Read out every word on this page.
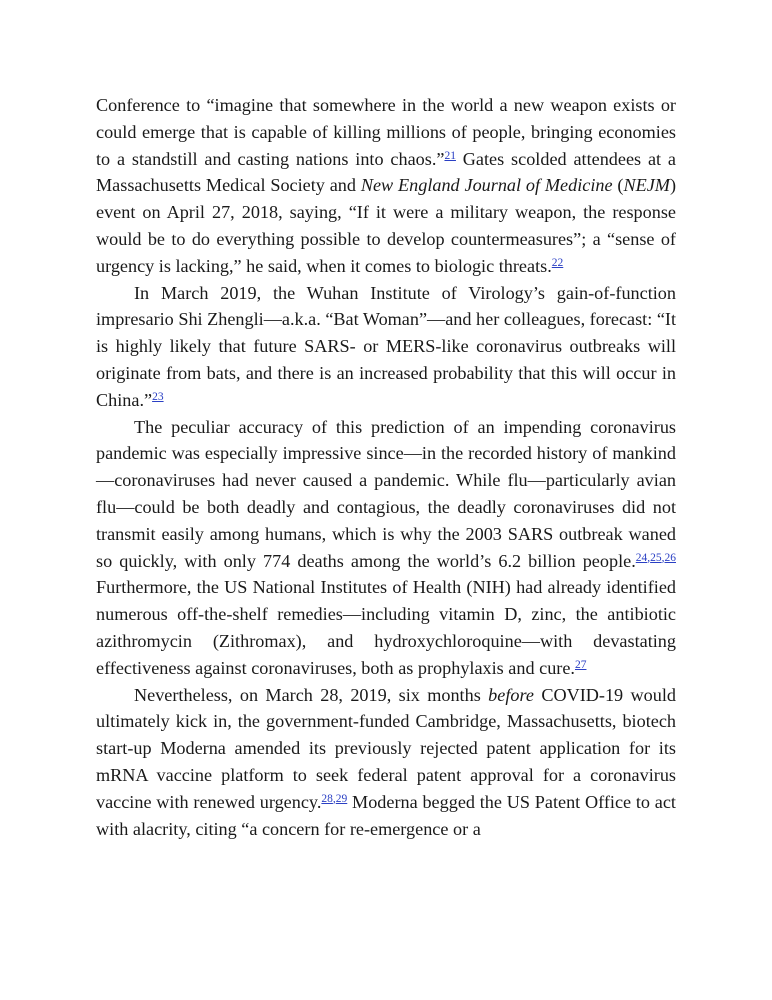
Conference to “imagine that somewhere in the world a new weapon exists or could emerge that is capable of killing millions of people, bringing economies to a standstill and casting nations into chaos.”$^{21}$ Gates scolded attendees at a Massachusetts Medical Society and New England Journal of Medicine (NEJM) event on April 27, 2018, saying, “If it were a military weapon, the response would be to do everything possible to develop countermeasures”; a “sense of urgency is lacking,” he said, when it comes to biologic threats.$^{22}$

In March 2019, the Wuhan Institute of Virology’s gain-of-function impresario Shi Zhengli—a.k.a. “Bat Woman”—and her colleagues, forecast: “It is highly likely that future SARS- or MERS-like coronavirus outbreaks will originate from bats, and there is an increased probability that this will occur in China.”$^{23}$

The peculiar accuracy of this prediction of an impending coronavirus pandemic was especially impressive since—in the recorded history of mankind—coronaviruses had never caused a pandemic. While flu—particularly avian flu—could be both deadly and contagious, the deadly coronaviruses did not transmit easily among humans, which is why the 2003 SARS outbreak waned so quickly, with only 774 deaths among the world’s 6.2 billion people.$^{24,25,26}$ Furthermore, the US National Institutes of Health (NIH) had already identified numerous off-the-shelf remedies—including vitamin D, zinc, the antibiotic azithromycin (Zithromax), and hydroxychloroquine—with devastating effectiveness against coronaviruses, both as prophylaxis and cure.$^{27}$

Nevertheless, on March 28, 2019, six months before COVID-19 would ultimately kick in, the government-funded Cambridge, Massachusetts, biotech start-up Moderna amended its previously rejected patent application for its mRNA vaccine platform to seek federal patent approval for a coronavirus vaccine with renewed urgency.$^{28,29}$ Moderna begged the US Patent Office to act with alacrity, citing “a concern for re-emergence or a
